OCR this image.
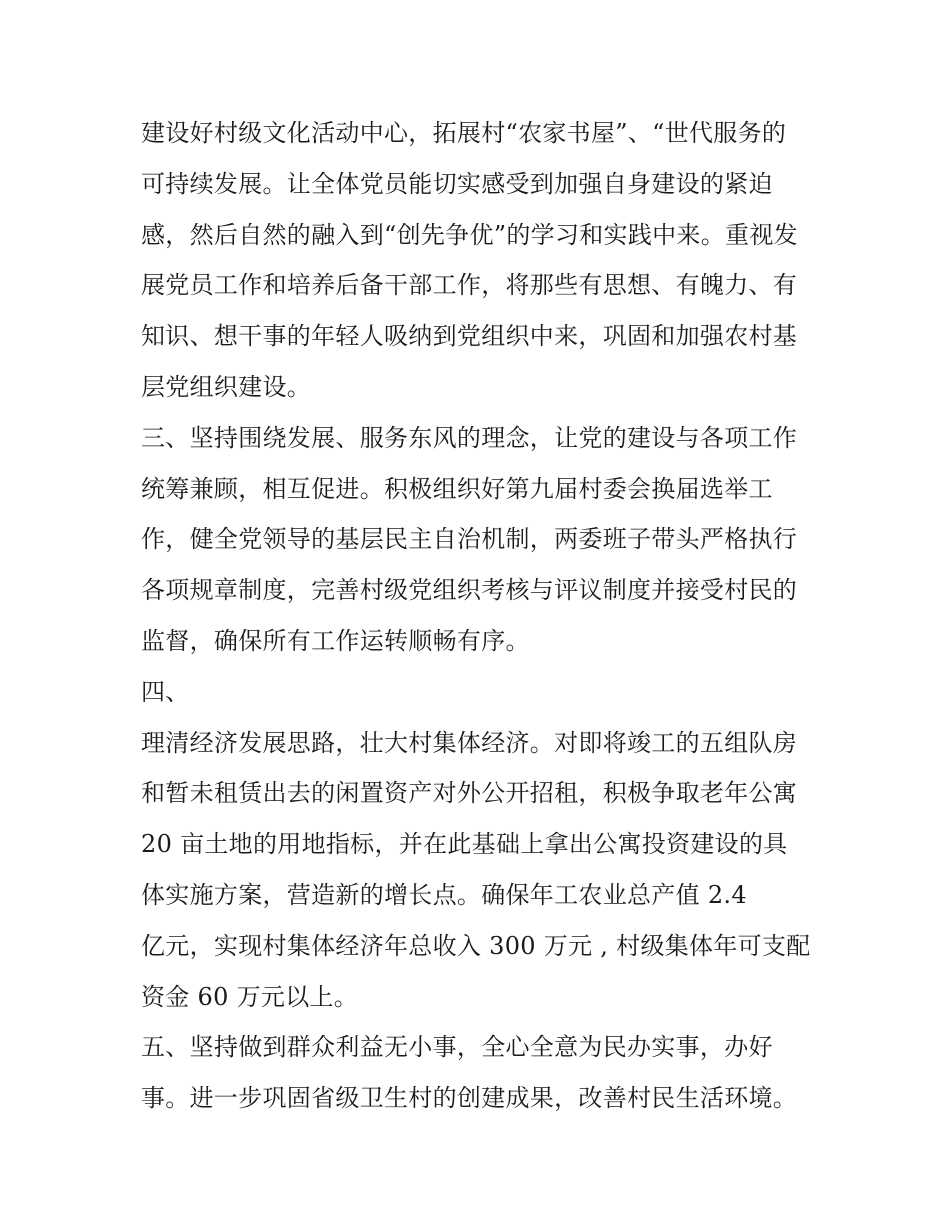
建设好村级文化活动中心，拓展村“农家书屋”、“世代服务的
可持续发展。让全体党员能切实感受到加强自身建设的紧迫
感，然后自然的融入到“创先争优”的学习和实践中来。重视发
展党员工作和培养后备干部工作，将那些有思想、有魄力、有
知识、想干事的年轻人吸纳到党组织中来，巩固和加强农村基
层党组织建设。
三、坚持围绕发展、服务东风的理念，让党的建设与各项工作
统筹兼顾，相互促进。积极组织好第九届村委会换届选举工
作，健全党领导的基层民主自治机制，两委班子带头严格执行
各项规章制度，完善村级党组织考核与评议制度并接受村民的
监督，确保所有工作运转顺畅有序。
四、
理清经济发展思路，壮大村集体经济。对即将竣工的五组队房
和暂未租赁出去的闲置资产对外公开招租，积极争取老年公寓
20 亩土地的用地指标，并在此基础上拿出公寓投资建设的具
体实施方案，营造新的增长点。确保年工农业总产值 2.4
亿元，实现村集体经济年总收入 300 万元 , 村级集体年可支配
资金 60 万元以上。
五、坚持做到群众利益无小事，全心全意为民办实事，办好
事。进一步巩固省级卫生村的创建成果，改善村民生活环境。
